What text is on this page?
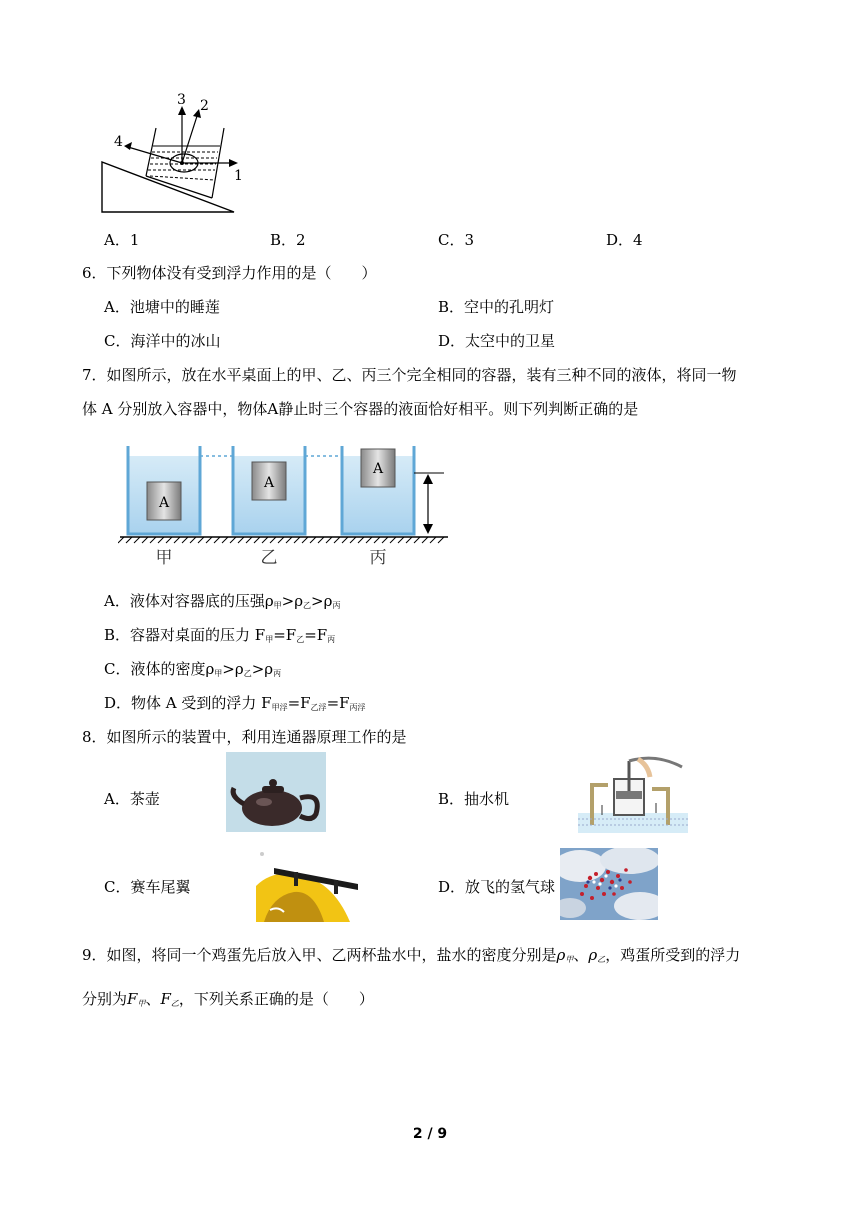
3 2
4
1
A．1	B．2	C．3	D．4
6．下列物体没有受到浮力作用的是（　　）
A．池塘中的睡莲	B．空中的孔明灯
C．海洋中的冰山	D．太空中的卫星
7．如图所示，放在水平桌面上的甲、乙、丙三个完全相同的容器，装有三种不同的液体，将同一物
体 A 分别放入容器中，物体A静止时三个容器的液面恰好相平。则下列判断正确的是
A
A
A
甲	乙	丙
A．液体对容器底的压强$\rho_甲>\rho_乙>\rho_丙$
B．容器对桌面的压力 $F_甲=F_乙=F_丙$
C．液体的密度$\rho_甲>\rho_乙>\rho_丙$
D．物体 A 受到的浮力 $F_{甲浮}=F_{乙浮}=F_{丙浮}$
8．如图所示的装置中，利用连通器原理工作的是
A．茶壶	B．抽水机
C．赛车尾翼	D．放飞的氢气球
9．如图，将同一个鸡蛋先后放入甲、乙两杯盐水中，盐水的密度分别是$\rho_甲$、$\rho_乙$，鸡蛋所受到的浮力
分别为$F_甲$、$F_乙$，下列关系正确的是（　　）
2 / 9
